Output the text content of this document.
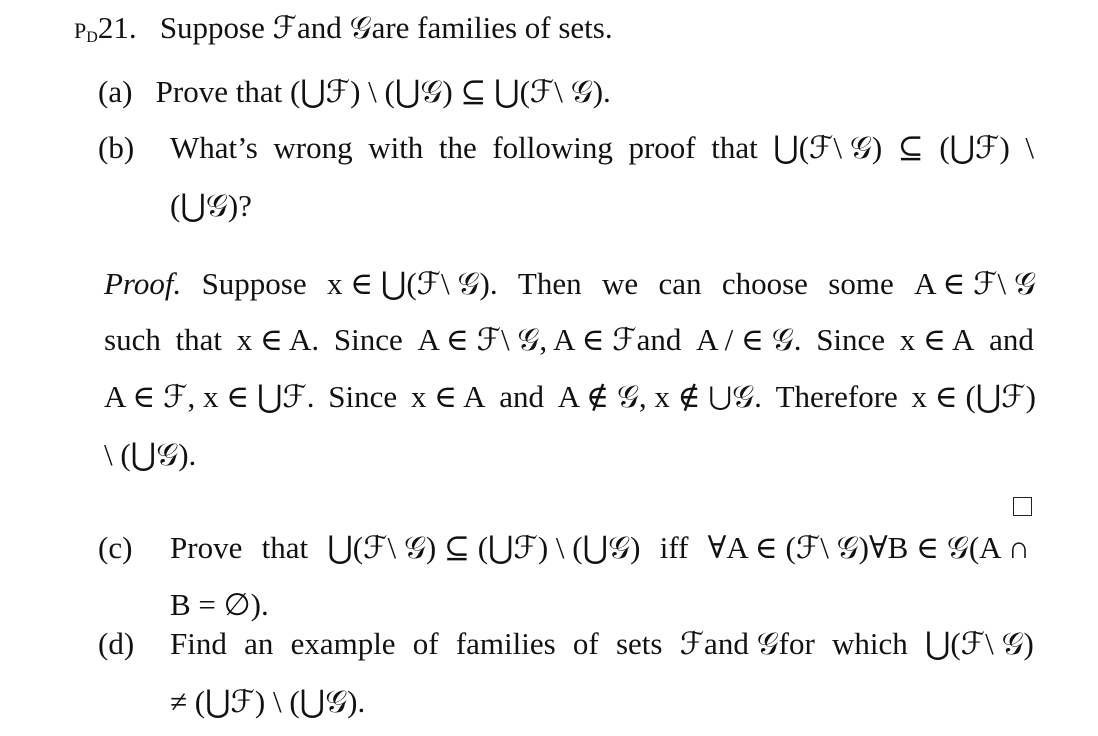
$P_D21$. Suppose ℱand 𝒢are families of sets.
(a) Prove that (⋃ℱ) \ (⋃𝒢) ⊆ ⋃(ℱ\ 𝒢).
(b) What’s wrong with the following proof that ⋃(ℱ\ 𝒢) ⊆ (⋃ℱ) \
(⋃𝒢)?
Proof. Suppose x ∈ ⋃(ℱ\ 𝒢). Then we can choose some A ∈ ℱ\ 𝒢
such that x ∈ A. Since A ∈ ℱ\ 𝒢, A ∈ ℱand A / ∈ 𝒢. Since x ∈ A and
A ∈ ℱ, x ∈ ⋃ℱ. Since x ∈ A and A ∉ 𝒢, x ∉ ⋃𝒢. Therefore x ∈ (⋃ℱ)
\ (⋃𝒢).
(c) Prove that ⋃(ℱ\ 𝒢) ⊆ (⋃ℱ) \ (⋃𝒢) iff ∀A ∈ (ℱ\ 𝒢)∀B ∈ 𝒢(A ∩
B = ∅).
(d) Find an example of families of sets ℱand 𝒢for which ⋃(ℱ\ 𝒢)
≠ (⋃ℱ) \ (⋃𝒢).
